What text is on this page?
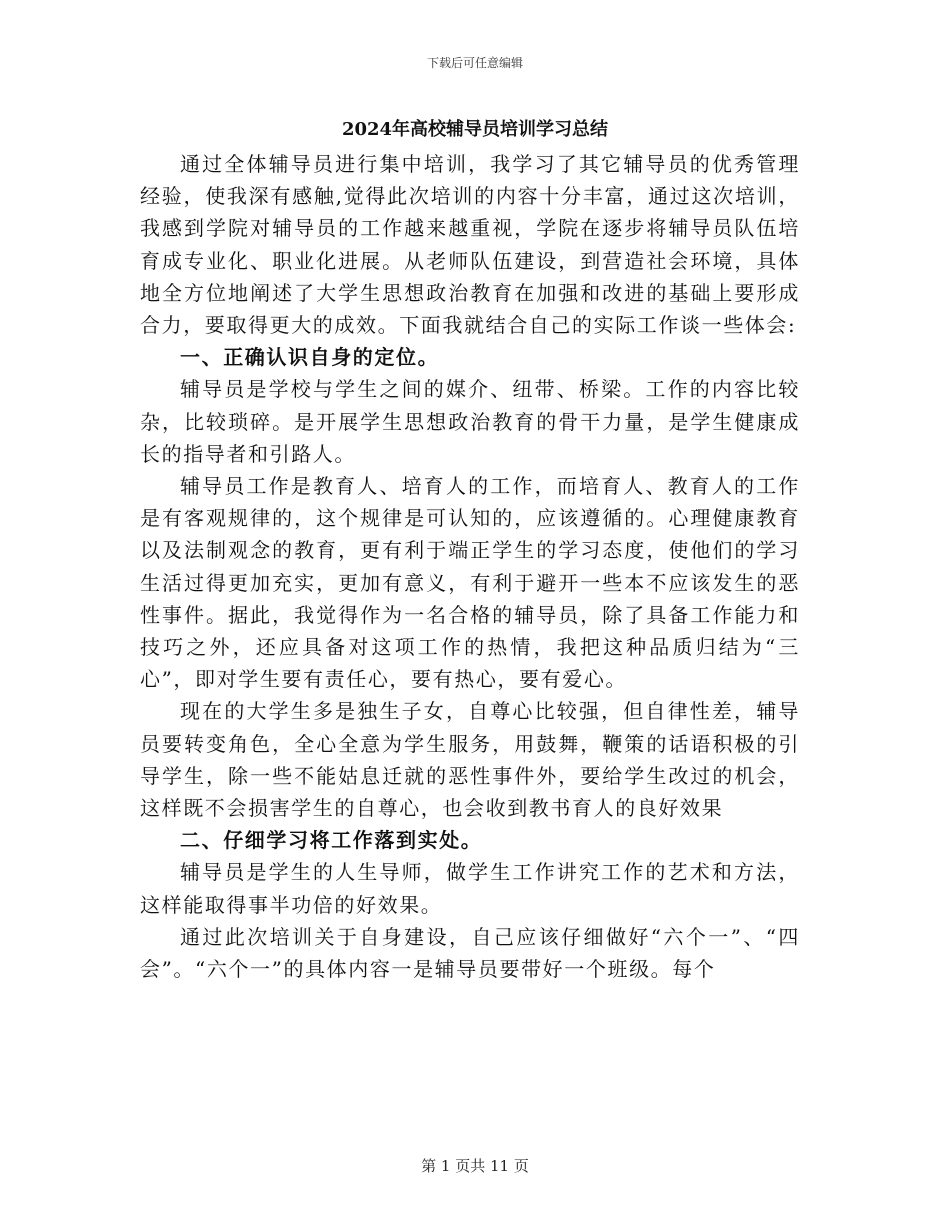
下载后可任意编辑
2024年高校辅导员培训学习总结

通过全体辅导员进行集中培训，我学习了其它辅导员的优秀管理经验，使我深有感触,觉得此次培训的内容十分丰富，通过这次培训，我感到学院对辅导员的工作越来越重视，学院在逐步将辅导员队伍培育成专业化、职业化进展。从老师队伍建设，到营造社会环境，具体地全方位地阐述了大学生思想政治教育在加强和改进的基础上要形成合力，要取得更大的成效。下面我就结合自己的实际工作谈一些体会:

一、正确认识自身的定位。

辅导员是学校与学生之间的媒介、纽带、桥梁。工作的内容比较杂，比较琐碎。是开展学生思想政治教育的骨干力量，是学生健康成长的指导者和引路人。

辅导员工作是教育人、培育人的工作，而培育人、教育人的工作是有客观规律的，这个规律是可认知的，应该遵循的。心理健康教育以及法制观念的教育，更有利于端正学生的学习态度，使他们的学习生活过得更加充实，更加有意义，有利于避开一些本不应该发生的恶性事件。据此，我觉得作为一名合格的辅导员，除了具备工作能力和技巧之外，还应具备对这项工作的热情，我把这种品质归结为“三心”，即对学生要有责任心，要有热心，要有爱心。

现在的大学生多是独生子女，自尊心比较强，但自律性差，辅导员要转变角色，全心全意为学生服务，用鼓舞，鞭策的话语积极的引导学生，除一些不能姑息迁就的恶性事件外，要给学生改过的机会，这样既不会损害学生的自尊心，也会收到教书育人的良好效果

二、仔细学习将工作落到实处。

辅导员是学生的人生导师，做学生工作讲究工作的艺术和方法，这样能取得事半功倍的好效果。

通过此次培训关于自身建设，自己应该仔细做好“六个一”、“四会”。“六个一”的具体内容一是辅导员要带好一个班级。每个

第 1 页共 11 页
